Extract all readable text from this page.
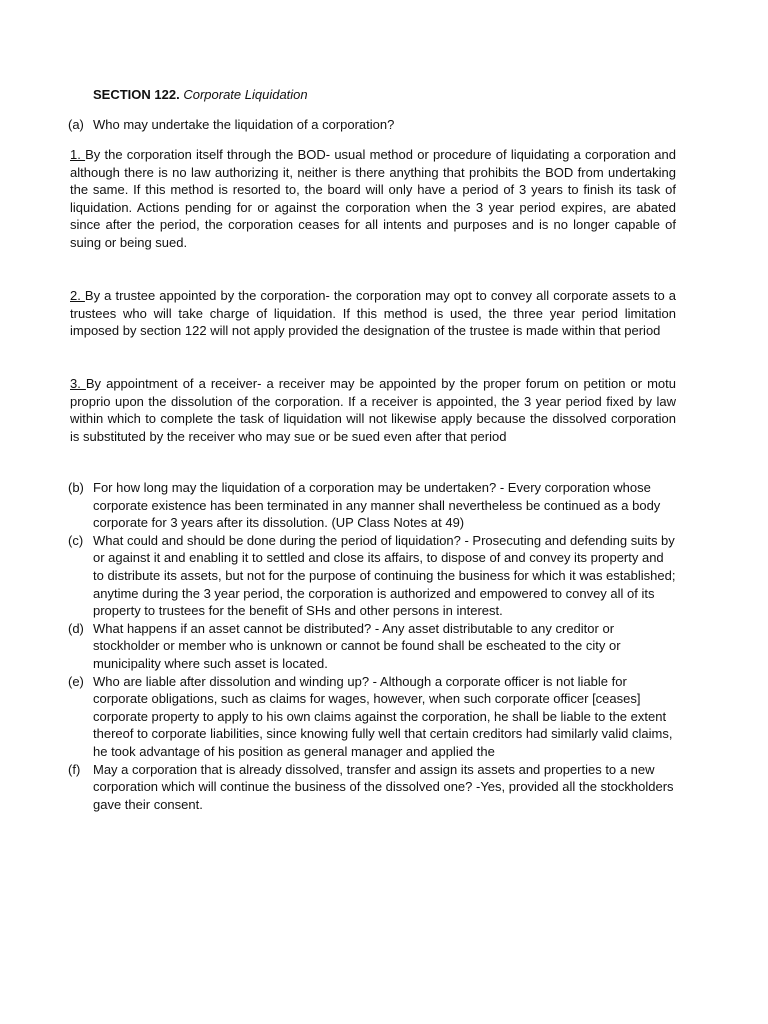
SECTION 122. Corporate Liquidation
(a) Who may undertake the liquidation of a corporation?

1. By the corporation itself through the BOD- usual method or procedure of liquidating a corporation and although there is no law authorizing it, neither is there anything that prohibits the BOD from undertaking the same. If this method is resorted to, the board will only have a period of 3 years to finish its task of liquidation. Actions pending for or against the corporation when the 3 year period expires, are abated since after the period, the corporation ceases for all intents and purposes and is no longer capable of suing or being sued.

2. By a trustee appointed by the corporation- the corporation may opt to convey all corporate assets to a trustees who will take charge of liquidation. If this method is used, the three year period limitation imposed by section 122 will not apply provided the designation of the trustee is made within that period

3. By appointment of a receiver- a receiver may be appointed by the proper forum on petition or motu proprio upon the dissolution of the corporation. If a receiver is appointed, the 3 year period fixed by law within which to complete the task of liquidation will not likewise apply because the dissolved corporation is substituted by the receiver who may sue or be sued even after that period

(b) For how long may the liquidation of a corporation may be undertaken? - Every corporation whose corporate existence has been terminated in any manner shall nevertheless be continued as a body corporate for 3 years after its dissolution. (UP Class Notes at 49)
(c) What could and should be done during the period of liquidation? - Prosecuting and defending suits by or against it and enabling it to settled and close its affairs, to dispose of and convey its property and to distribute its assets, but not for the purpose of continuing the business for which it was established; anytime during the 3 year period, the corporation is authorized and empowered to convey all of its property to trustees for the benefit of SHs and other persons in interest.
(d) What happens if an asset cannot be distributed? - Any asset distributable to any creditor or stockholder or member who is unknown or cannot be found shall be escheated to the city or municipality where such asset is located.
(e) Who are liable after dissolution and winding up? - Although a corporate officer is not liable for corporate obligations, such as claims for wages, however, when such corporate officer [ceases] corporate property to apply to his own claims against the corporation, he shall be liable to the extent thereof to corporate liabilities, since knowing fully well that certain creditors had similarly valid claims, he took advantage of his position as general manager and applied the
(f) May a corporation that is already dissolved, transfer and assign its assets and properties to a new corporation which will continue the business of the dissolved one? -Yes, provided all the stockholders gave their consent.
